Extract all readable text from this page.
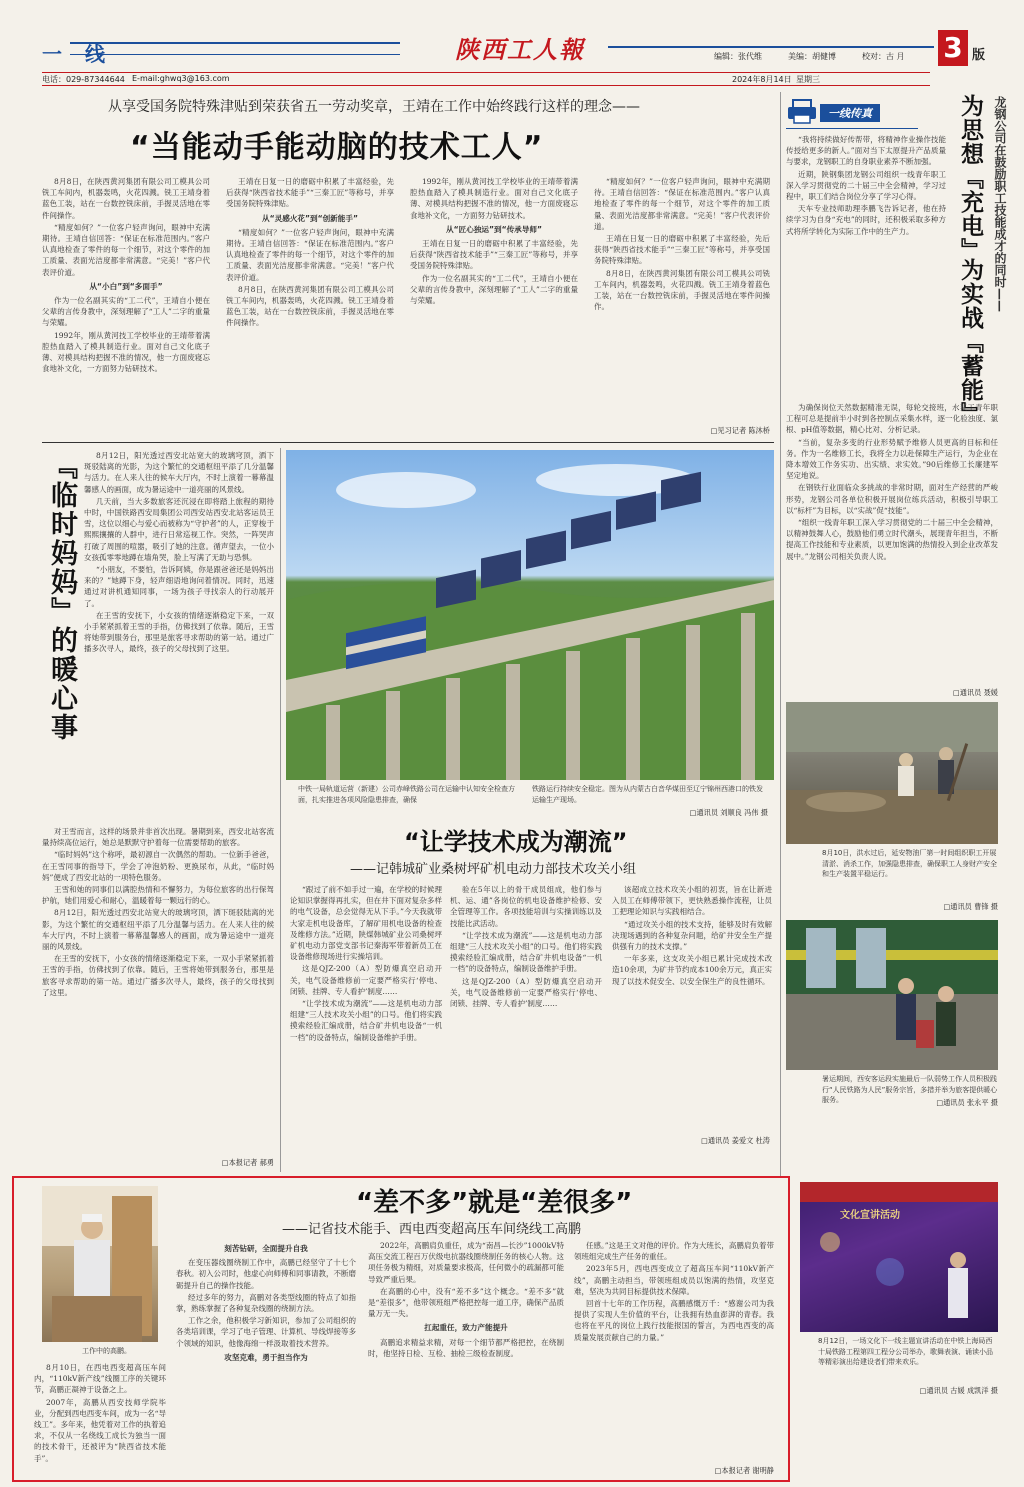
一 线	陕西工人報	编辑：张代维	美编：胡健博	校对：古 月 3 版
电话：029-87344644 E-mail:ghwq3@163.com	2024年8月14日 星期三
从享受国务院特殊津贴到荣获省五一劳动奖章，王靖在工作中始终践行这样的理念——
“当能动手能动脑的技术工人”

8月8日，在陕西黄河集团有限公司工模具公司铣工车间内，机器轰鸣，火花四溅。铣工王靖身着蓝色工装，站在一台数控铣床前，手握灵活地在零件间操作。

“精度如何？”一位客户轻声询问，眼神中充满期待。王靖自信回答：“保证在标准范围内。”客户认真地检查了零件的每一个细节，对这个零件的加工质量、表面光洁度都非常满意。“完美！”客户代表评价道。

从“小白”到“多面手”

作为一位名副其实的“工二代”，王靖自小便在父辈的言传身教中，深刻理解了“工人”二字的重量与荣耀。

1992年，刚从黄河技工学校毕业的王靖带着满腔热血踏入了模具制造行业。面对自己文化底子薄、对模具结构把握不准的情况，他一方面废寝忘食地补文化，一方面努力钻研技术。

王靖在日复一日的磨砺中积累了丰富经验，先后获得“陕西省技术能手”“三秦工匠”等称号，并享受国务院特殊津贴。

从“灵感火花”到“创新能手”

“精度如何？”一位客户轻声询问，眼神中充满期待。王靖自信回答：“保证在标准范围内。”客户认真地检查了零件的每一个细节，对这个零件的加工质量、表面光洁度都非常满意。“完美！”客户代表评价道。

8月8日，在陕西黄河集团有限公司工模具公司铣工车间内，机器轰鸣，火花四溅。铣工王靖身着蓝色工装，站在一台数控铣床前，手握灵活地在零件间操作。

1992年，刚从黄河技工学校毕业的王靖带着满腔热血踏入了模具制造行业。面对自己文化底子薄、对模具结构把握不准的情况，他一方面废寝忘食地补文化，一方面努力钻研技术。

从“匠心独运”到“传承导师”

王靖在日复一日的磨砺中积累了丰富经验，先后获得“陕西省技术能手”“三秦工匠”等称号，并享受国务院特殊津贴。

作为一位名副其实的“工二代”，王靖自小便在父辈的言传身教中，深刻理解了“工人”二字的重量与荣耀。

“精度如何？”一位客户轻声询问，眼神中充满期待。王靖自信回答：“保证在标准范围内。”客户认真地检查了零件的每一个细节，对这个零件的加工质量、表面光洁度都非常满意。“完美！”客户代表评价道。

王靖在日复一日的磨砺中积累了丰富经验，先后获得“陕西省技术能手”“三秦工匠”等称号，并享受国务院特殊津贴。

8月8日，在陕西黄河集团有限公司工模具公司铣工车间内，机器轰鸣，火花四溅。铣工王靖身着蓝色工装，站在一台数控铣床前，手握灵活地在零件间操作。

□见习记者 陈沐桥
一线传真	龙钢公司在鼓励职工技能成才的同时——
为思想『充电』
为实战『蓄能』

“我将持续做好传帮带，将精神作业操作技能传授给更多的新人。”面对当下太原提升产品质量与要求，龙钢职工的自身职业素养不断加强。

近期，陕钢集团龙钢公司组织一线青年职工深入学习贯彻党的二十届三中全会精神，学习过程中，职工们结合岗位分享了学习心得。

天车专业技师助理李鹏飞告诉记者，他在持续学习为自身“充电”的同时，还积极采取多种方式将所学转化为实际工作中的生产力。

为确保岗位天然数据精准无误，每轮交接班，水泵工青年职工程可总是提前半小时到各控制点采集水样，逐一化验浊度、氯根、pH值等数据，精心比对、分析记录。

“当前，复杂多变的行业形势赋予维修人员更高的目标和任务。作为一名维修工长，我将全力以赴保障生产运行，为企业在降本增效工作务实功、出实绩、求实效。”90后维修工长廉建军坚定地说。

在钢铁行业面临众多挑战的非常时期，面对生产经营的严峻形势，龙钢公司各单位积极开展岗位练兵活动，积极引导职工以“标杆”为目标，以“实战”促“技能”。

“组织一线青年职工深入学习贯彻党的二十届三中全会精神，以精神鼓舞人心，鼓励他们勇立时代潮头，展现青年担当，不断提高工作技能和专业素质，以更加饱满的热情投入到企业改革发展中。”龙钢公司相关负责人说。

□通讯员 聂媛
8月10日，洪水过后，延安物油厂第一时间组织职工开展清淤、消杀工作，加强隐患排查，确保职工人身财产安全和生产装置平稳运行。
□通讯员 曹锋 摄
暑运期间，西安客运段实施最后一队弱势工作人员积极践行“人民铁路为人民”服务宗旨，多措并举为旅客提供暖心服务。	□通讯员 张永平 摄
文化宣讲活动
8月12日，一场文化下一线主题宣讲活动在中铁上海局西十局铁路工程第四工程分公司举办，歌舞表演、诵读小品等精彩演出给建设者们带来欢乐。
□通讯员 古媛 成凯洋 摄
『临时妈妈』的暖心事	8月12日，阳光透过西安北站宽大的玻璃穹顶，洒下斑驳陆离的光影，为这个繁忙的交通枢纽平添了几分温馨与活力。在人来人往的候车大厅内，不时上演着一幕幕温馨感人的画面，成为暑运途中一道亮丽的风景线。

几天前，当大多数旅客还沉浸在即将踏上旅程的期待中时，中国铁路西安局集团公司西安站西安北站客运员王雪，这位以细心与爱心而被称为“守护者”的人，正穿梭于熙熙攘攘的人群中，进行日常巡视工作。突然，一阵哭声打破了周围的喧嚣，吸引了她的注意。循声望去，一位小女孩孤零零地蹲在墙角哭，脸上写满了无助与恐惧。

“小朋友，不要怕，告诉阿姨，你是跟爸爸还是妈妈出来的？”她蹲下身，轻声细语地询问着情况。同时，迅速通过对讲机通知同事，一场为孩子寻找亲人的行动展开了。

在王雪的安抚下，小女孩的情绪逐渐稳定下来，一双小手紧紧抓着王雪的手指，仿佛找到了依靠。随后，王雪将她带到服务台，那里是旅客寻求帮助的第一站。通过广播多次寻人，最终，孩子的父母找到了这里。

对王雪而言，这样的场景并非首次出现。暑期到来，西安北站客流量持续高位运行，她总是默默守护着每一位需要帮助的旅客。

“临时妈妈”这个称呼，最初源自一次偶然的帮助。一位新手爸爸，在王雪同事的指导下，学会了冲泡奶粉、更换尿布，从此，“临时妈妈”便成了西安北站的一项特色服务。

王雪和她的同事们以满腔热情和不懈努力，为每位旅客的出行保驾护航，她们用爱心和耐心，温暖着每一颗远行的心。

8月12日，阳光透过西安北站宽大的玻璃穹顶，洒下斑驳陆离的光影，为这个繁忙的交通枢纽平添了几分温馨与活力。在人来人往的候车大厅内，不时上演着一幕幕温馨感人的画面，成为暑运途中一道亮丽的风景线。

在王雪的安抚下，小女孩的情绪逐渐稳定下来，一双小手紧紧抓着王雪的手指，仿佛找到了依靠。随后，王雪将她带到服务台，那里是旅客寻求帮助的第一站。通过广播多次寻人，最终，孩子的父母找到了这里。

□本报记者 郝勇
中铁一局轨道运营（新建）公司赤峰铁路公司在运输中认知安全检查方面，扎实推进各项风险隐患排查，确保
铁路运行持续安全稳定。图为从内蒙古白音华煤田至辽宁锦州西港口的铁发运输生产现场。
□通讯员 刘顺良 冯伟 摄
“让学技术成为潮流”
——记韩城矿业桑树坪矿机电动力部技术攻关小组

“跟过了前不如手过一遍，在学校的时候理论知识掌握得再扎实，但在井下面对复杂多样的电气设备，总会觉得无从下手。”今天我就带大家走机电设备库，了解矿用机电设备的检查及维修方法。”近期，陕煤韩城矿业公司桑树坪矿机电动力部党支部书记秦海军带着新员工在设备维修现场进行实操培训。

这是QJZ-200（A）型防爆真空启动开关，电气设备维修前一定要严格实行‘停电、闭锁、挂牌、专人看护’制度……

“让学技术成为潮流”——这是机电动力部组建“三人技术攻关小组”的口号。他们将实践摸索经验汇编成册，结合矿井机电设备“一机一档”的设备特点，编制设备维护手册。

验在5年以上的骨干成员组成，他们参与机、运、通”各岗位的机电设备维护检修、安全管理等工作。各项技能培训与实操训练以及技能比武活动。

“让学技术成为潮流”——这是机电动力部组建“三人技术攻关小组”的口号。他们将实践摸索经验汇编成册，结合矿井机电设备“一机一档”的设备特点，编制设备维护手册。

这是QJZ-200（A）型防爆真空启动开关，电气设备维修前一定要严格实行‘停电、闭锁、挂牌、专人看护’制度……

该超成立技术攻关小组的初衷，旨在让新进入员工在师傅带领下，更快熟悉操作流程，让员工把理论知识与实践相结合。

“通过攻关小组的技术支持，能够及时有效解决现场遇到的各种复杂问题，给矿井安全生产提供强有力的技术支撑。”

一年多来，这支攻关小组已累计完成技术改造10余项，为矿井节约成本100余万元，真正实现了以技术促安全、以安全保生产的良性循环。

□通讯员 姜爱文 杜涛
“差不多”就是“差很多”
——记省技术能手、西电西变超高压车间绕线工高鹏
工作中的高鹏。

8月10日，在西电西变超高压车间内，“110kV新产线”线圈工序的关键环节，高鹏正凝神于设备之上。

2007年，高鹏从西安技师学院毕业，分配到西电西变车间，成为一名“导线工”。多年来，他凭着对工作的执着追求，不仅从一名绕线工成长为独当一面的技术骨干，还被评为“陕西省技术能手”。

刻苦钻研，全面提升自我

在变压器线圈绕制工作中，高鹏已经坚守了十七个春秋。初入公司时，他虚心向师傅和同事请教，不断磨砺提升自己的操作技能。

经过多年的努力，高鹏对各类型线圈的特点了如指掌，熟练掌握了各种复杂线圈的绕制方法。

工作之余，他积极学习新知识，参加了公司组织的各类培训课，学习了电子管理、计算机、导线焊接等多个领域的知识，他像海绵一样汲取着技术营养。

攻坚克难，勇于担当作为

2022年，高鹏肩负重任，成为“南昌—长沙”1000kV特高压交流工程百万伏级电抗器线圈绕制任务的核心人物。这项任务极为精细，对质量要求极高，任何微小的疏漏都可能导致严重后果。

在高鹏的心中，没有“差不多”这个概念。“差不多”就是“差很多”，他带领班组严格把控每一道工序，确保产品质量万无一失。

扛起重任，致力产能提升

高鹏追求精益求精，对每一个细节都严格把控，在绕制时，他坚持日检、互检、抽检三级检查制度。

任感。”这是王文对他的评价。作为大班长，高鹏肩负着带领班组完成生产任务的重任。

2023年5月，西电西变成立了超高压车间“110kV新产线”，高鹏主动担当，带领班组成员以饱满的热情，攻坚克难，坚决为共同目标提供技术保障。

回首十七年的工作历程，高鹏感慨万千：“感谢公司为我提供了实现人生价值的平台，让我拥有热血澎湃的青春。我也将在平凡的岗位上践行技能报国的誓言，为西电西变的高质量发展贡献自己的力量。”

□本报记者 谢明静
